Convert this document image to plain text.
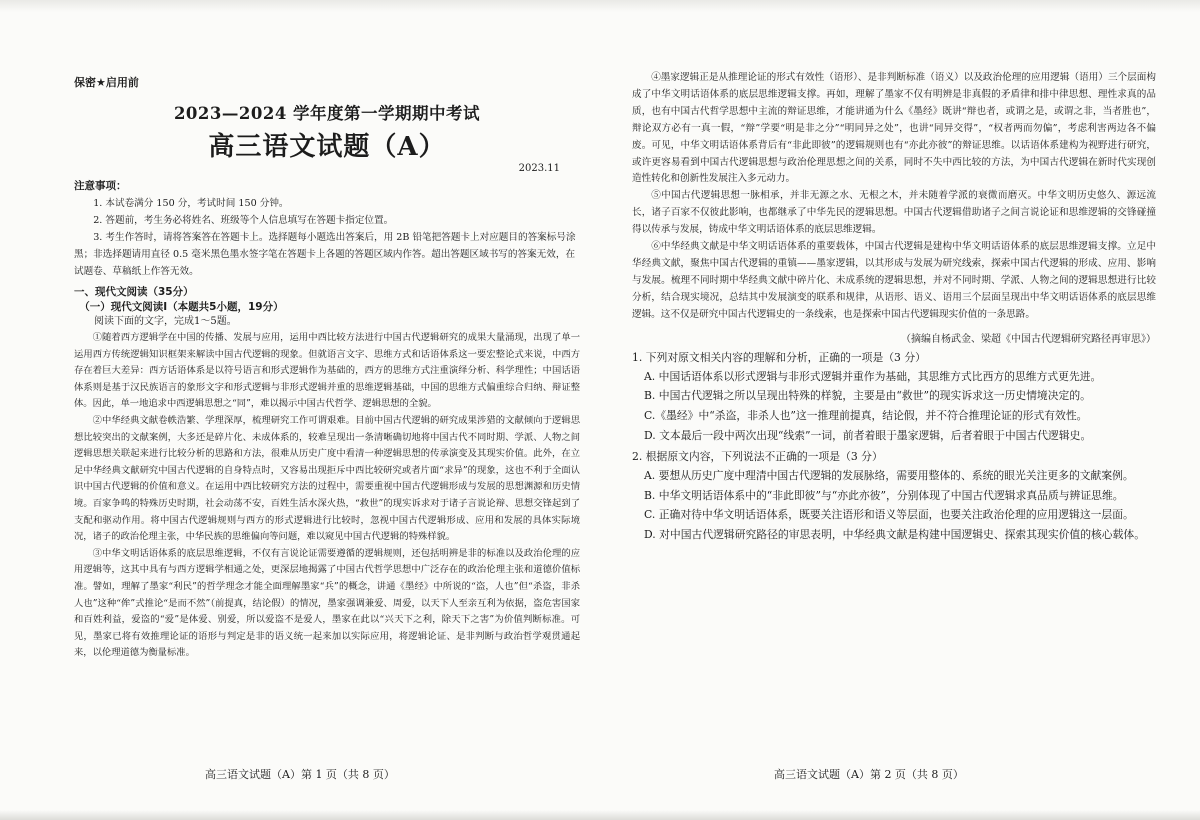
保密★启用前
2023—2024 学年度第一学期期中考试
高三语文试题（A）
2023.11
注意事项：
1. 本试卷满分 150 分，考试时间 150 分钟。
2. 答题前，考生务必将姓名、班级等个人信息填写在答题卡指定位置。
3. 考生作答时，请将答案答在答题卡上。选择题每小题选出答案后，用 2B 铅笔把答题卡上对应题目的答案标号涂黑；非选择题请用直径 0.5 毫米黑色墨水签字笔在答题卡上各题的答题区域内作答。超出答题区域书写的答案无效，在试题卷、草稿纸上作答无效。
一、现代文阅读（35分）
（一）现代文阅读Ⅰ（本题共5小题，19分）
阅读下面的文字，完成1～5题。
①随着西方逻辑学在中国的传播、发展与应用，运用中西比较方法进行中国古代逻辑研究的成果大量涌现，出现了单一运用西方传统逻辑知识框架来解读中国古代逻辑的现象。但就语言文字、思维方式和话语体系这一要宏整论式来说，中西方存在着巨大差异：西方话语体系是以符号语言和形式逻辑作为基础的，西方的思维方式注重演绎分析、科学理性；中国话语体系则是基于汉民族语言的象形文字和形式逻辑与非形式逻辑并重的思维逻辑基础，中国的思维方式偏重综合归纳、辩证整体。因此，单一地追求中西逻辑思想之“同”，难以揭示中国古代哲学、逻辑思想的全貌。
②中华经典文献卷帙浩繁、学理深厚，梳理研究工作可谓艰难。目前中国古代逻辑的研究成果涉猎的文献倾向于逻辑思想比较突出的文献案例，大多还是碎片化、未成体系的，较难呈现出一条清晰确切地将中国古代不同时期、学派、人物之间逻辑思想关联起来进行比较分析的思路和方法，很难从历史广度中看清一种逻辑思想的传承演变及其现实价值。此外，在立足中华经典文献研究中国古代逻辑的自身特点时，又容易出现拒斥中西比较研究或者片面“求异”的现象，这也不利于全面认识中国古代逻辑的价值和意义。在运用中西比较研究方法的过程中，需要重视中国古代逻辑形成与发展的思想渊源和历史情境。百家争鸣的特殊历史时期，社会动荡不安，百姓生活水深火热，“救世”的现实诉求对于诸子言说论辩、思想交锋起到了支配和驱动作用。将中国古代逻辑规则与西方的形式逻辑进行比较时，忽视中国古代逻辑形成、应用和发展的具体实际境况，诸子的政治伦理主张，中华民族的思维偏向等问题，难以窥见中国古代逻辑的特殊样貌。
③中华文明话语体系的底层思维逻辑，不仅有言说论证需要遵循的逻辑规则，还包括明辨是非的标准以及政治伦理的应用逻辑等，这其中具有与西方逻辑学相通之处，更深层地揭露了中国古代哲学思想中广泛存在的政治伦理主张和道德价值标准。譬如，理解了墨家“利民”的哲学理念才能全面理解墨家“兵”的概念，讲通《墨经》中所说的“盗，人也”但“杀盗，非杀人也”这种“侔”式推论“是而不然”（前提真，结论假）的情况，墨家强调兼爱、周爱，以天下人至亲互利为依据，盗危害国家和百姓利益，爱盗的“爱”是体爱、别爱，所以爱盗不是爱人，墨家在此以“兴天下之利，除天下之害”为价值判断标准。可见，墨家已将有效推理论证的语形与判定是非的语义统一起来加以实际应用，将逻辑论证、是非判断与政治哲学观贯通起来，以伦理道德为衡量标准。
高三语文试题（A）第 1 页（共 8 页）
④墨家逻辑正是从推理论证的形式有效性（语形）、是非判断标准（语义）以及政治伦理的应用逻辑（语用）三个层面构成了中华文明话语体系的底层思维逻辑支撑。再如，理解了墨家不仅有明辨是非真假的矛盾律和排中律思想、理性求真的品质，也有中国古代哲学思想中主流的辩证思维，才能讲通为什么《墨经》既讲“辩也者，或谓之是，或谓之非，当者胜也”，辩论双方必有一真一假，“辩”学要“明是非之分”“明同异之处”，也讲“同异交得”，“权者两而勿偏”，考虑利害两边各不偏废。可见，中华文明话语体系背后有“非此即彼”的逻辑规则也有“亦此亦彼”的辩证思维。以话语体系建构为视野进行研究，或许更容易看到中国古代逻辑思想与政治伦理思想之间的关系，同时不失中西比较的方法，为中国古代逻辑在新时代实现创造性转化和创新性发展注入多元动力。
⑤中国古代逻辑思想一脉相承，并非无源之水、无根之木，并未随着学派的衰微而磨灭。中华文明历史悠久、源远流长，诸子百家不仅彼此影响，也都继承了中华先民的逻辑思想。中国古代逻辑借助诸子之间言说论证和思维逻辑的交锋碰撞得以传承与发展，铸成中华文明话语体系的底层思维逻辑。
⑥中华经典文献是中华文明话语体系的重要载体，中国古代逻辑是建构中华文明话语体系的底层思维逻辑支撑。立足中华经典文献，聚焦中国古代逻辑的重镇——墨家逻辑，以其形成与发展为研究线索，探索中国古代逻辑的形成、应用、影响与发展。梳理不同时期中华经典文献中碎片化、未成系统的逻辑思想，并对不同时期、学派、人物之间的逻辑思想进行比较分析，结合现实境况，总结其中发展演变的联系和规律，从语形、语义、语用三个层面呈现出中华文明话语体系的底层思维逻辑。这不仅是研究中国古代逻辑史的一条线索，也是探索中国古代逻辑现实价值的一条思路。
（摘编自杨武金、梁超《中国古代逻辑研究路径再审思》）
1. 下列对原文相关内容的理解和分析，正确的一项是（3 分）
A. 中国话语体系以形式逻辑与非形式逻辑并重作为基础，其思维方式比西方的思维方式更先进。
B. 中国古代逻辑之所以呈现出特殊的样貌，主要是由“救世”的现实诉求这一历史情境决定的。
C.《墨经》中“杀盗，非杀人也”这一推理前提真，结论假，并不符合推理论证的形式有效性。
D. 文本最后一段中两次出现“线索”一词，前者着眼于墨家逻辑，后者着眼于中国古代逻辑史。
2. 根据原文内容，下列说法不正确的一项是（3 分）
A. 要想从历史广度中理清中国古代逻辑的发展脉络，需要用整体的、系统的眼光关注更多的文献案例。
B. 中华文明话语体系中的“非此即彼”与“亦此亦彼”，分别体现了中国古代逻辑求真品质与辨证思维。
C. 正确对待中华文明话语体系，既要关注语形和语义等层面，也要关注政治伦理的应用逻辑这一层面。
D. 对中国古代逻辑研究路径的审思表明，中华经典文献是构建中国逻辑史、探索其现实价值的核心载体。
高三语文试题（A）第 2 页（共 8 页）
